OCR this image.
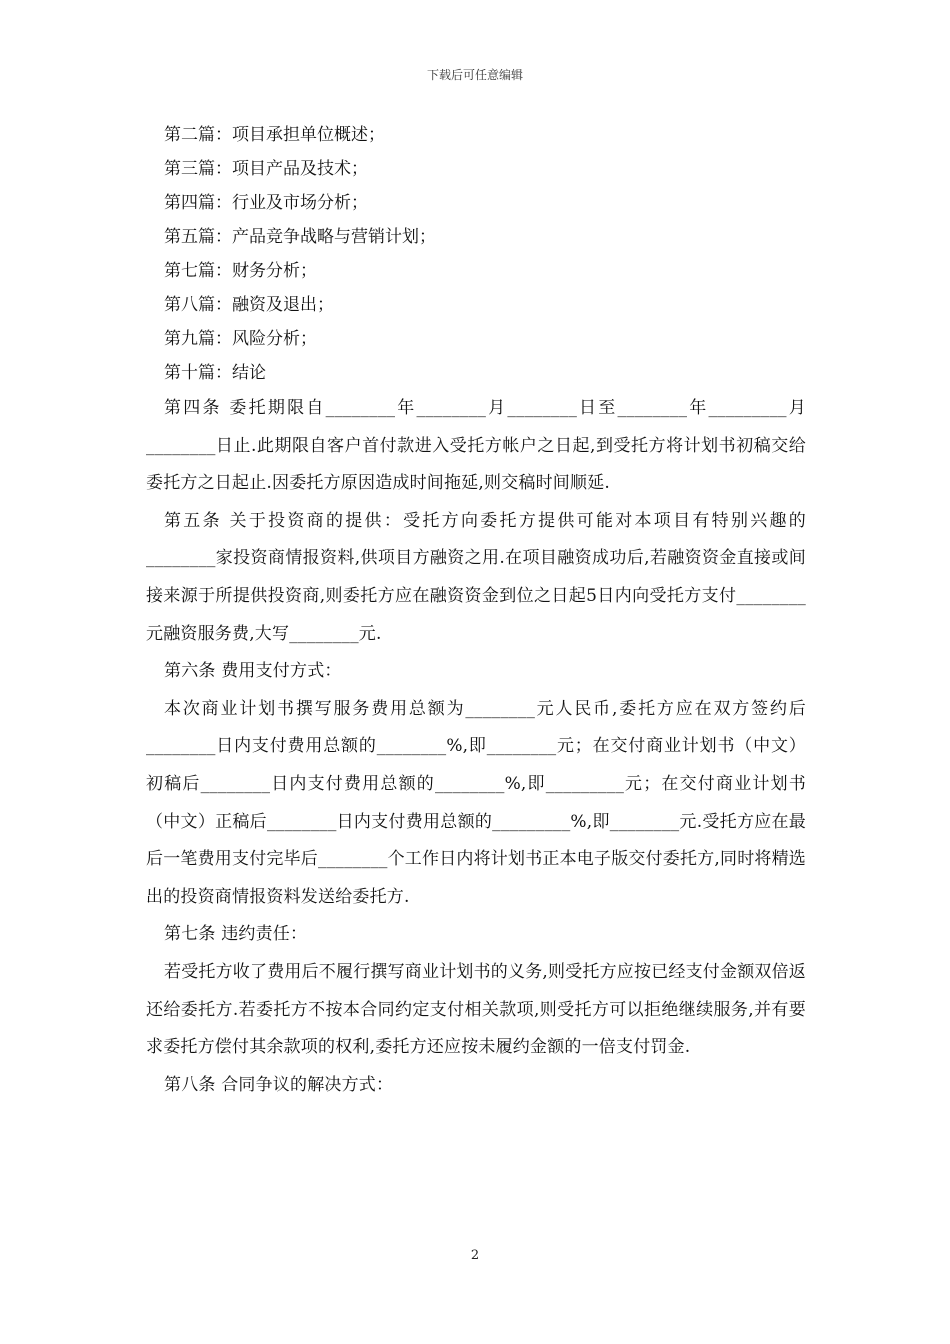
下载后可任意编辑

第二篇：项目承担单位概述；

第三篇：项目产品及技术；

第四篇：行业及市场分析；

第五篇：产品竞争战略与营销计划；

第七篇：财务分析；

第八篇：融资及退出；

第九篇：风险分析；

第十篇：结论

第四条 委托期限自________年________月________日至________年_________月________日止.此期限自客户首付款进入受托方帐户之日起,到受托方将计划书初稿交给委托方之日起止.因委托方原因造成时间拖延,则交稿时间顺延.

第五条 关于投资商的提供：受托方向委托方提供可能对本项目有特别兴趣的________家投资商情报资料,供项目方融资之用.在项目融资成功后,若融资资金直接或间接来源于所提供投资商,则委托方应在融资资金到位之日起5日内向受托方支付________元融资服务费,大写________元.

第六条 费用支付方式：

本次商业计划书撰写服务费用总额为________元人民币,委托方应在双方签约后________日内支付费用总额的________%,即________元；在交付商业计划书（中文）初稿后________日内支付费用总额的________%,即_________元；在交付商业计划书（中文）正稿后________日内支付费用总额的_________%,即________元.受托方应在最后一笔费用支付完毕后________个工作日内将计划书正本电子版交付委托方,同时将精选出的投资商情报资料发送给委托方.

第七条 违约责任：

若受托方收了费用后不履行撰写商业计划书的义务,则受托方应按已经支付金额双倍返还给委托方.若委托方不按本合同约定支付相关款项,则受托方可以拒绝继续服务,并有要求委托方偿付其余款项的权利,委托方还应按未履约金额的一倍支付罚金.

第八条 合同争议的解决方式：

2
